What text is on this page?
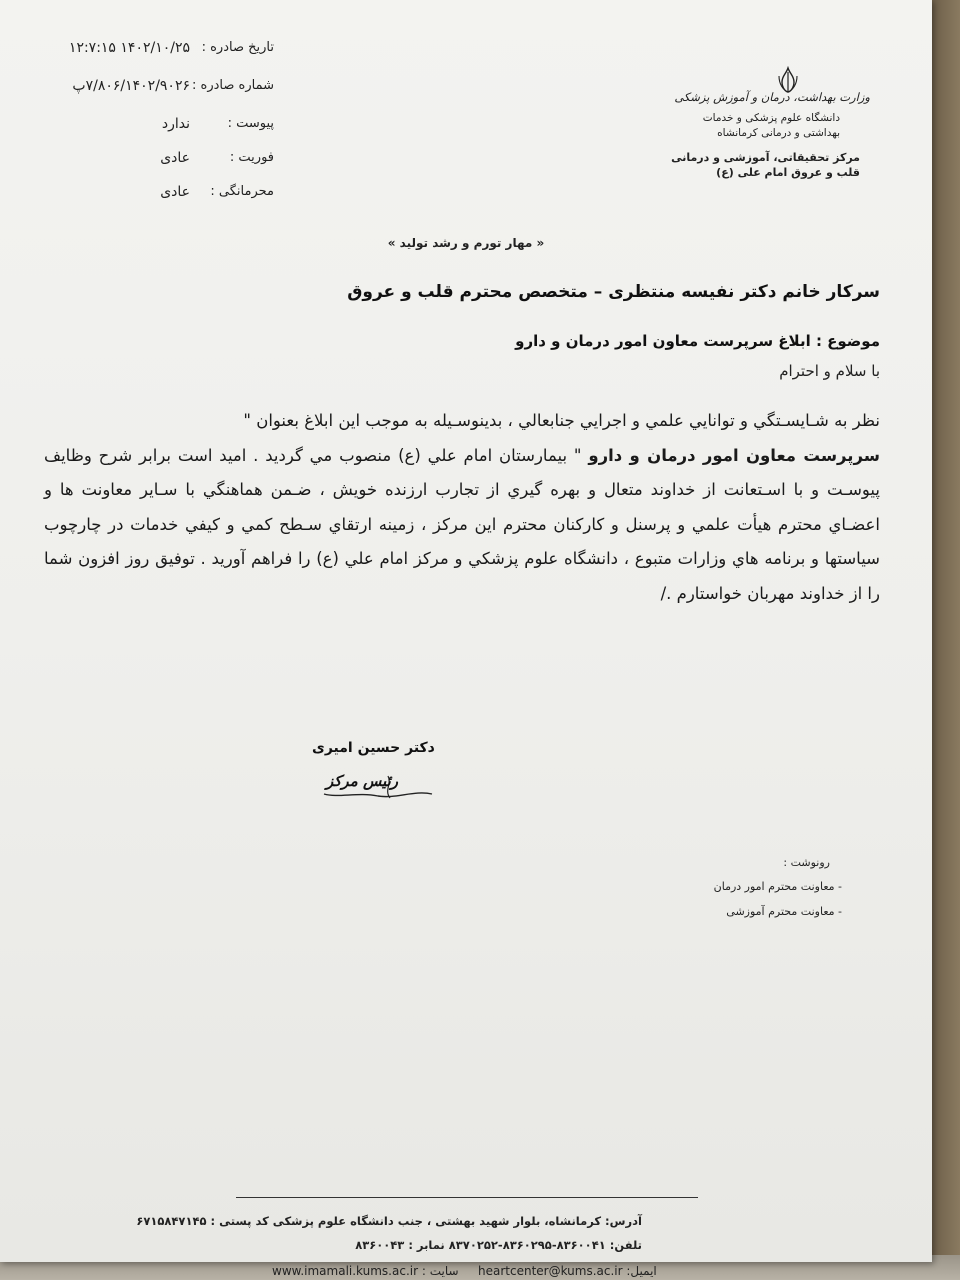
تاريخ صادره :
۱۴۰۲/۱۰/۲۵ ۱۲:۷:۱۵
شماره صادره :
۷/۸۰۶/۱۴۰۲/۹۰۲۶پ
پيوست :
ندارد
فوريت :
عادی
محرمانگی :
عادی
وزارت بهداشت، درمان و آموزش پزشکی
دانشگاه علوم پزشکی و خدمات
بهداشتی و درمانی کرمانشاه
مرکز تحقیقاتی، آموزشی و درمانی
قلب و عروق امام علی (ع)
« مهار تورم و رشد تولید »
سرکار خانم دکتر نفیسه منتظری – متخصص محترم قلب و عروق
موضوع : ابلاغ سرپرست معاون امور درمان و دارو
با سلام و احترام
نظر به شـايسـتگي و توانايي علمي و اجرايي جنابعالي ، بدينوسـيله به موجب اين ابلاغ بعنوان "
سرپرست معاون امور درمان و دارو " بيمارستان امام علي (ع) منصوب مي گرديد . اميد است برابر شرح وظايف پيوسـت و با اسـتعانت از خداوند متعال و بهره گيري از تجارب ارزنده خويش ، ضـمن هماهنگي با سـاير معاونت ها و اعضـاي محترم هيأت علمي و پرسنل و کارکنان محترم اين مرکز ، زمينه ارتقاي سـطح کمي و کيفي خدمات در چارچوب سياستها و برنامه هاي وزارات متبوع ، دانشگاه علوم پزشکي و مرکز امام علي (ع) را فراهم آوريد . توفيق روز افزون شما را از خداوند مهربان خواستارم ./
دکتر حسین امیری
رئیس مرکز
رونوشت :
- معاونت محترم امور درمان
- معاونت محترم آموزشی
آدرس: کرمانشاه، بلوار شهید بهشتی ، جنب دانشگاه علوم پزشکی کد پستی : ۶۷۱۵۸۴۷۱۴۵
تلفن: ۸۳۶۰۰۴۱-۸۳۶۰۲۹۵-۸۳۷۰۲۵۲ نمابر : ۸۳۶۰۰۴۳
ایمیل: heartcenter@kums.ac.ir
سایت : www.imamali.kums.ac.ir
